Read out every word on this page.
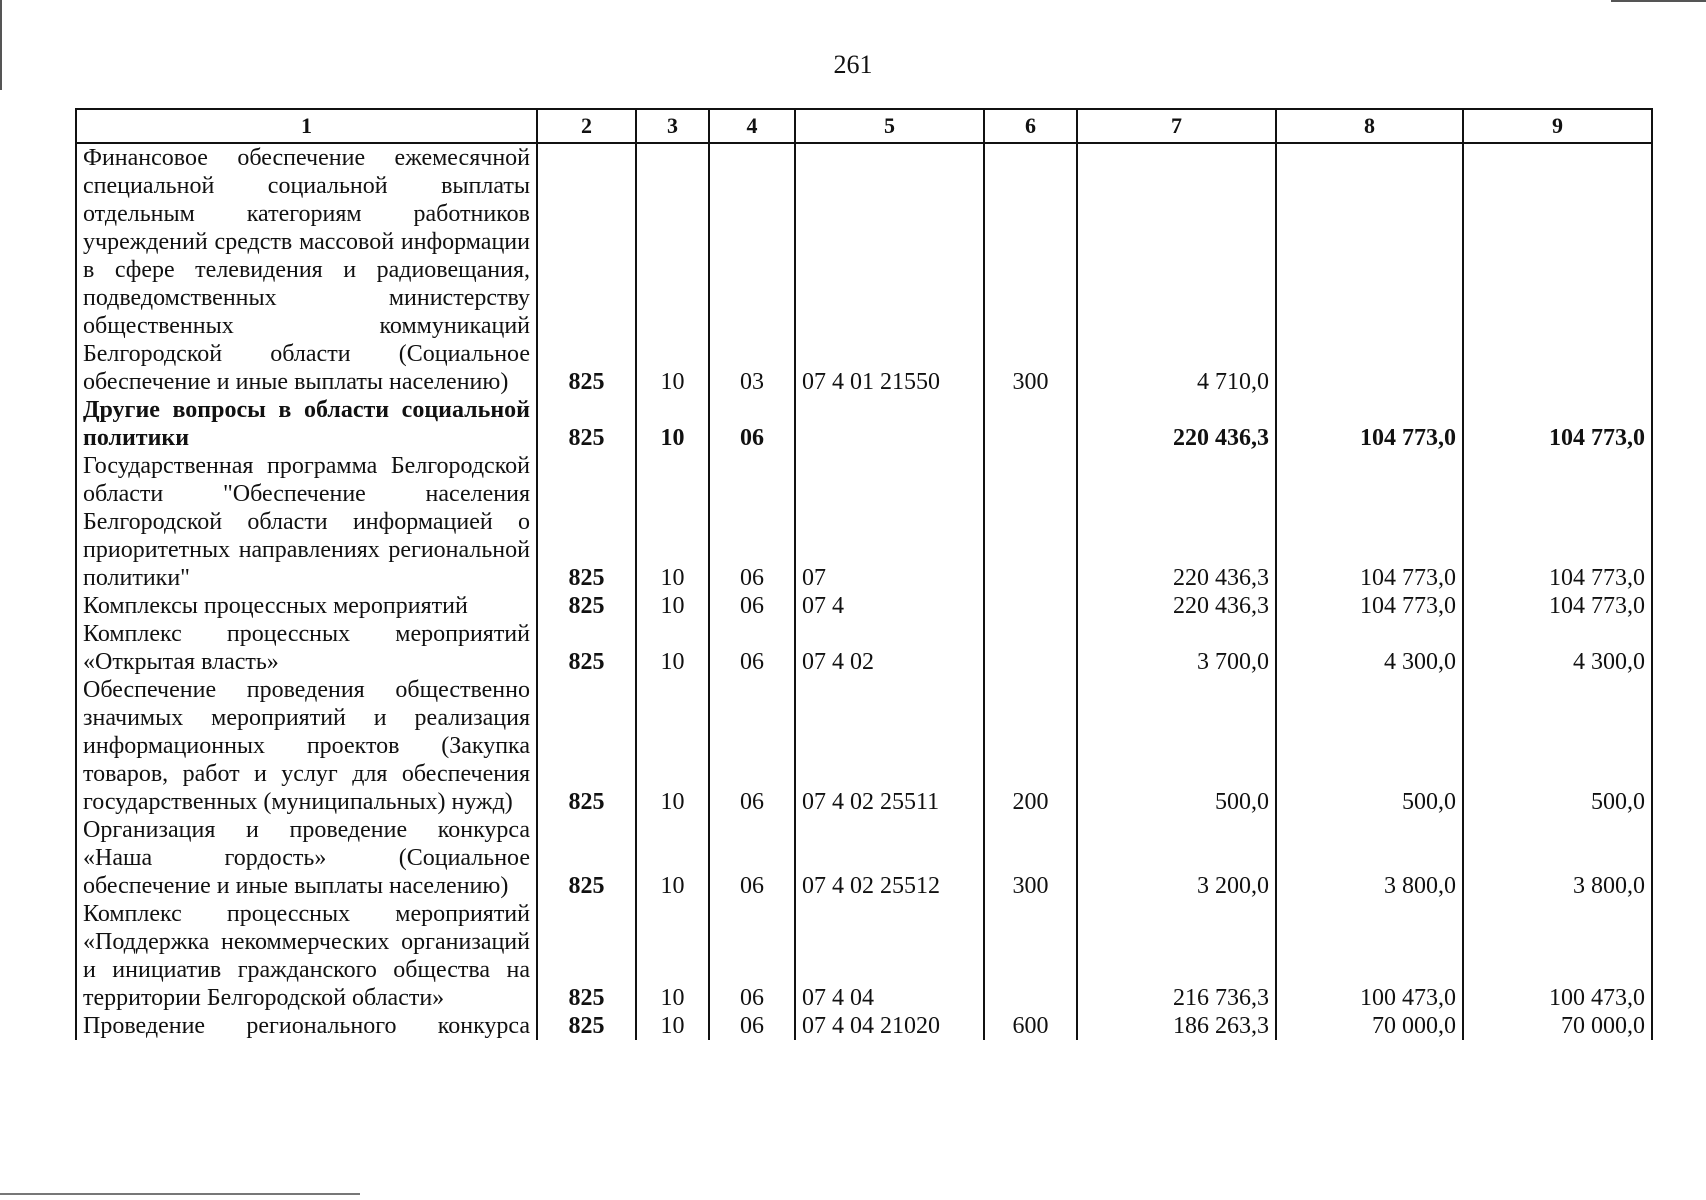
261
1	2	3	4	5	6	7	8	9
Финансовое обеспечение ежемесячной специальной социальной выплаты отдельным категориям работников учреждений средств массовой информации в сфере телевидения и радиовещания, подведомственных министерству общественных коммуникаций Белгородской области (Социальное обеспечение и иные выплаты населению)	825	10	03	07 4 01 21550	300	4 710,0		
Другие вопросы в области социальной политики	825	10	06			220 436,3	104 773,0	104 773,0
Государственная программа Белгородской области "Обеспечение населения Белгородской области информацией о приоритетных направлениях региональной политики"	825	10	06	07		220 436,3	104 773,0	104 773,0
Комплексы процессных мероприятий	825	10	06	07 4		220 436,3	104 773,0	104 773,0
Комплекс процессных мероприятий «Открытая власть»	825	10	06	07 4 02		3 700,0	4 300,0	4 300,0
Обеспечение проведения общественно значимых мероприятий и реализация информационных проектов (Закупка товаров, работ и услуг для обеспечения государственных (муниципальных) нужд)	825	10	06	07 4 02 25511	200	500,0	500,0	500,0
Организация и проведение конкурса «Наша гордость» (Социальное обеспечение и иные выплаты населению)	825	10	06	07 4 02 25512	300	3 200,0	3 800,0	3 800,0
Комплекс процессных мероприятий «Поддержка некоммерческих организаций и инициатив гражданского общества на территории Белгородской области»	825	10	06	07 4 04		216 736,3	100 473,0	100 473,0
Проведение регионального конкурса	825	10	06	07 4 04 21020	600	186 263,3	70 000,0	70 000,0
